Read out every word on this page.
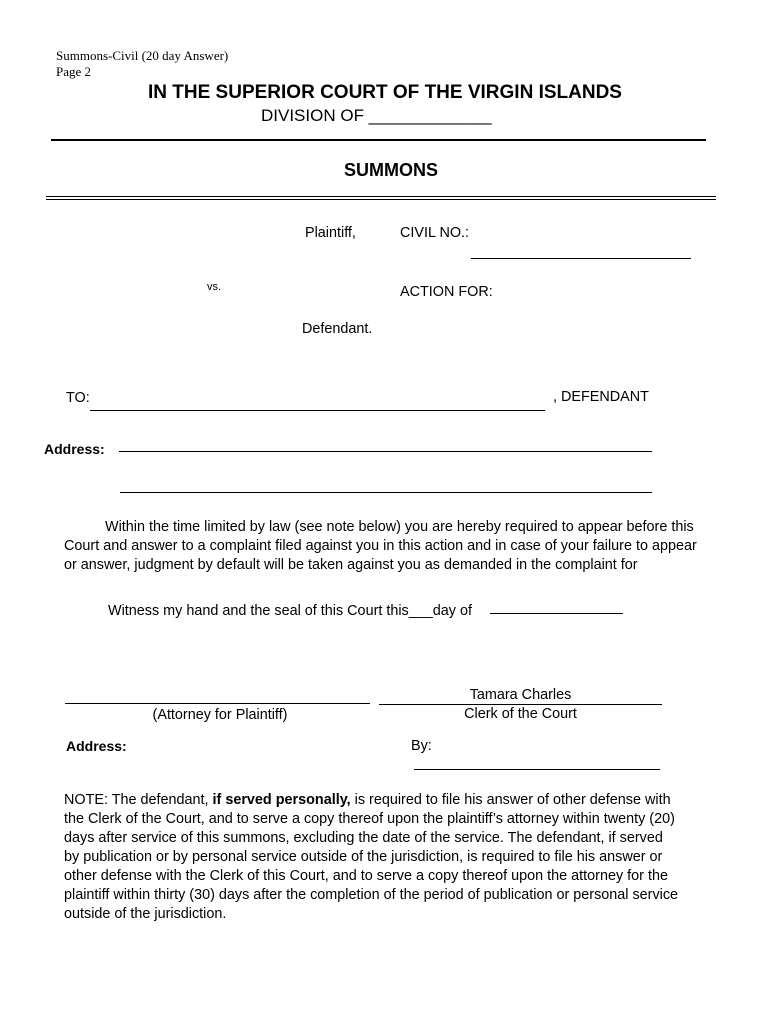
Summons-Civil (20 day Answer)
Page 2
IN THE SUPERIOR COURT OF THE VIRGIN ISLANDS
DIVISION OF _____________
SUMMONS
Plaintiff,	CIVIL NO.:
vs.	ACTION FOR:
Defendant.
TO:	, DEFENDANT
Address:
Within the time limited by law (see note below) you are hereby required to appear before this Court and answer to a complaint filed against you in this action and in case of your failure to appear or answer, judgment by default will be taken against you as demanded in the complaint for
Witness my hand and the seal of this Court this___day of
(Attorney for Plaintiff)
Tamara Charles
Clerk of the Court
Address:	By:
NOTE: The defendant, if served personally, is required to file his answer of other defense with the Clerk of the Court, and to serve a copy thereof upon the plaintiff’s attorney within twenty (20) days after service of this summons, excluding the date of the service. The defendant, if served by publication or by personal service outside of the jurisdiction, is required to file his answer or other defense with the Clerk of this Court, and to serve a copy thereof upon the attorney for the plaintiff within thirty (30) days after the completion of the period of publication or personal service outside of the jurisdiction.
